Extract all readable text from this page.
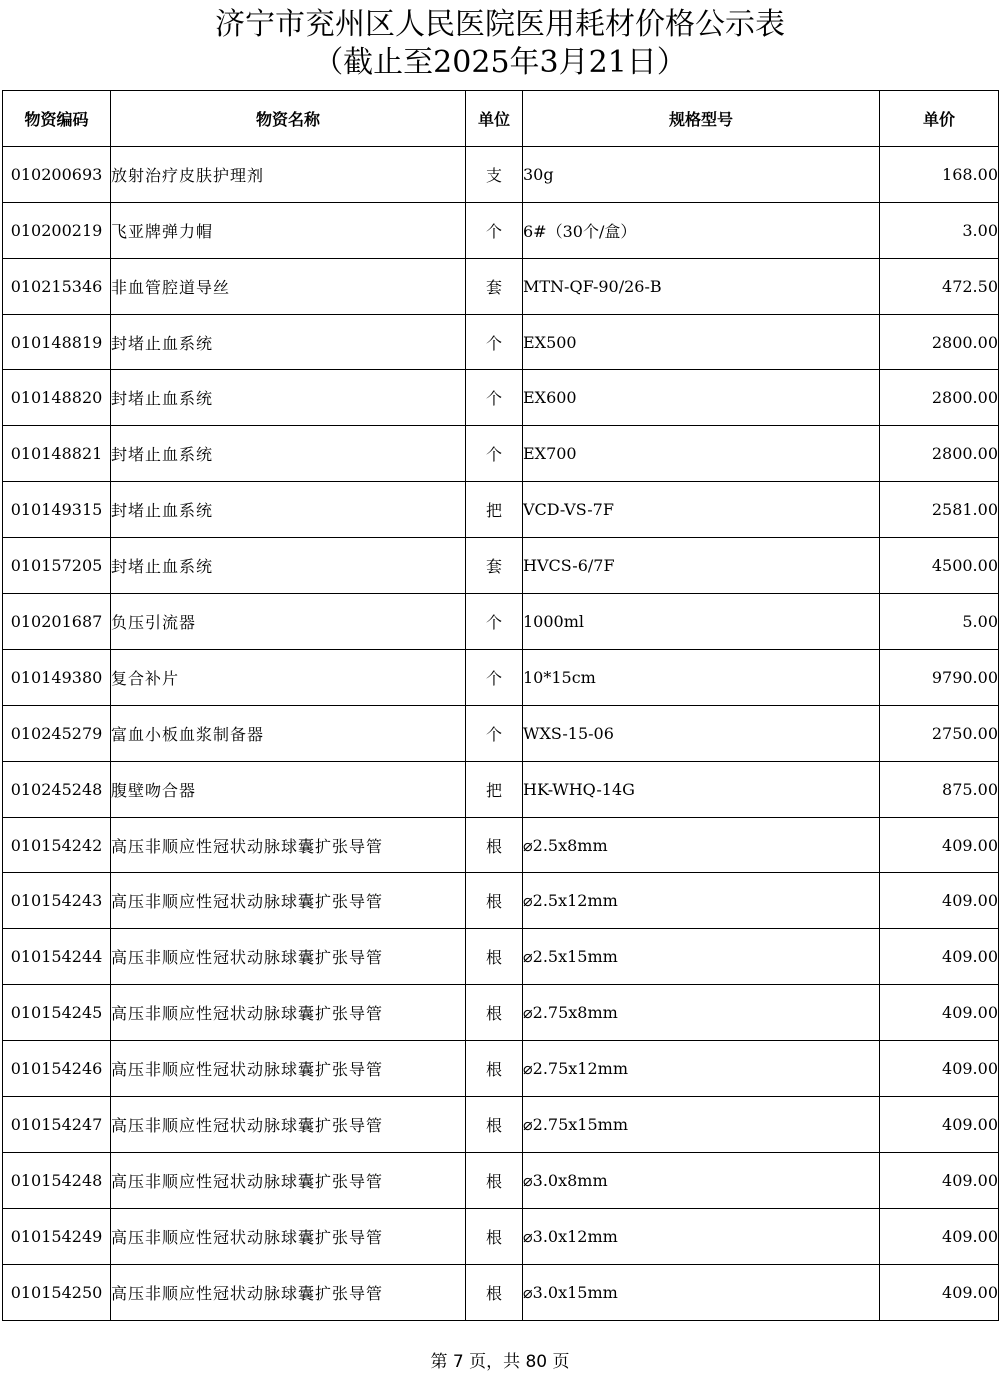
济宁市兖州区人民医院医用耗材价格公示表
（截止至2025年3月21日）
物资编码	物资名称	单位	规格型号	单价
010200693	放射治疗皮肤护理剂	支	30g	168.00
010200219	飞亚牌弹力帽	个	6#（30个/盒）	3.00
010215346	非血管腔道导丝	套	MTN-QF-90/26-B	472.50
010148819	封堵止血系统	个	EX500	2800.00
010148820	封堵止血系统	个	EX600	2800.00
010148821	封堵止血系统	个	EX700	2800.00
010149315	封堵止血系统	把	VCD-VS-7F	2581.00
010157205	封堵止血系统	套	HVCS-6/7F	4500.00
010201687	负压引流器	个	1000ml	5.00
010149380	复合补片	个	10*15cm	9790.00
010245279	富血小板血浆制备器	个	WXS-15-06	2750.00
010245248	腹壁吻合器	把	HK-WHQ-14G	875.00
010154242	高压非顺应性冠状动脉球囊扩张导管	根	⌀2.5x8mm	409.00
010154243	高压非顺应性冠状动脉球囊扩张导管	根	⌀2.5x12mm	409.00
010154244	高压非顺应性冠状动脉球囊扩张导管	根	⌀2.5x15mm	409.00
010154245	高压非顺应性冠状动脉球囊扩张导管	根	⌀2.75x8mm	409.00
010154246	高压非顺应性冠状动脉球囊扩张导管	根	⌀2.75x12mm	409.00
010154247	高压非顺应性冠状动脉球囊扩张导管	根	⌀2.75x15mm	409.00
010154248	高压非顺应性冠状动脉球囊扩张导管	根	⌀3.0x8mm	409.00
010154249	高压非顺应性冠状动脉球囊扩张导管	根	⌀3.0x12mm	409.00
010154250	高压非顺应性冠状动脉球囊扩张导管	根	⌀3.0x15mm	409.00
第 7 页，共 80 页
